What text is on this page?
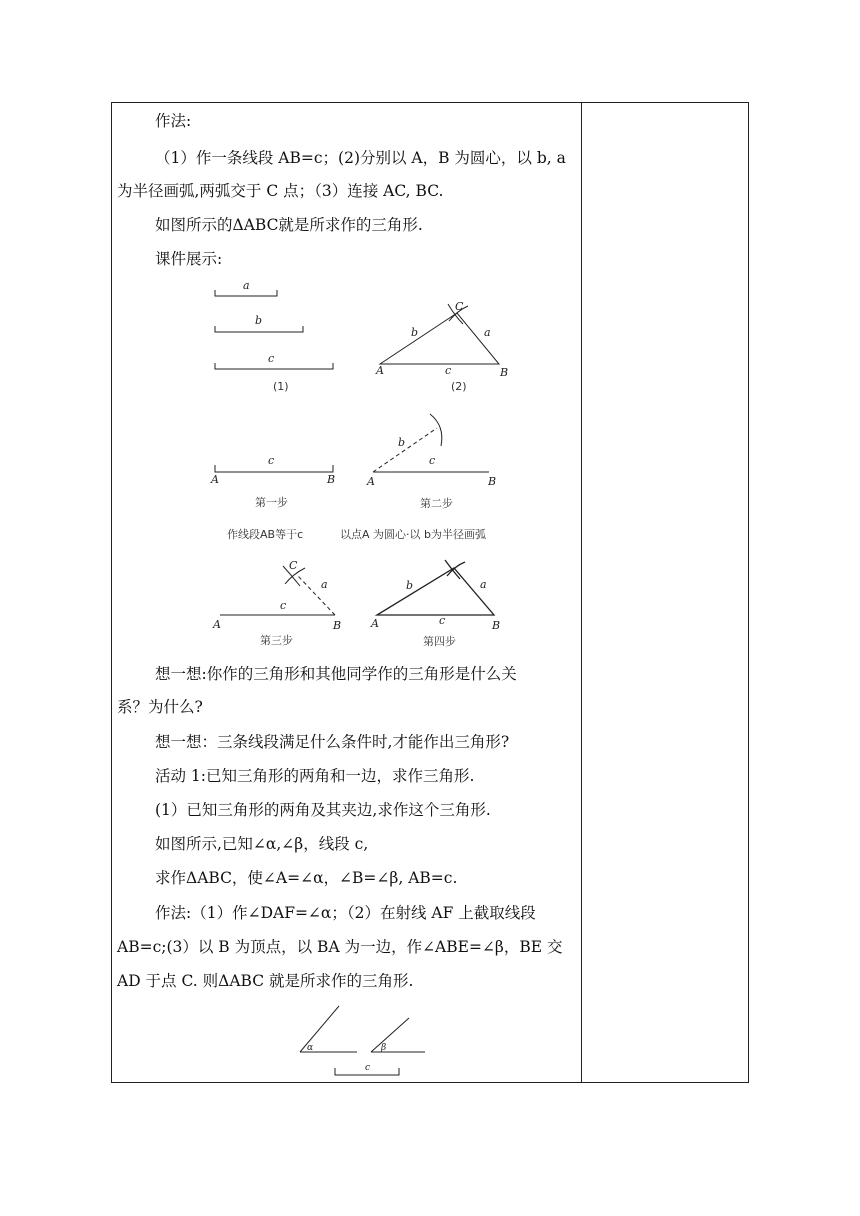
作法:
（1）作一条线段 AB=c；(2)分别以 A，B 为圆心，以 b, a
为半径画弧,两弧交于 C 点；（3）连接 AC, BC.
如图所示的ΔABC就是所求作的三角形.
课件展示:
a
b
c
(1)
A	B
C
b	a
c
(2)
c
A	B
第一步
作线段AB等于c
b
c
A	B
第二步
以点A 为圆心·以 b为半径画弧
C
a
c
A	B
第三步
b	a
c
A	B
第四步
想一想:你作的三角形和其他同学作的三角形是什么关
系？为什么?
想一想：三条线段满足什么条件时,才能作出三角形?
活动 1:已知三角形的两角和一边，求作三角形.
(1）已知三角形的两角及其夹边,求作这个三角形.
如图所示,已知∠α,∠β，线段 c,
求作ΔABC，使∠A=∠α，∠B=∠β, AB=c.
作法:（1）作∠DAF=∠α；（2）在射线 AF 上截取线段
AB=c;(3）以 B 为顶点，以 BA 为一边，作∠ABE=∠β，BE 交
AD 于点 C. 则ΔABC 就是所求作的三角形.
α	β
c
